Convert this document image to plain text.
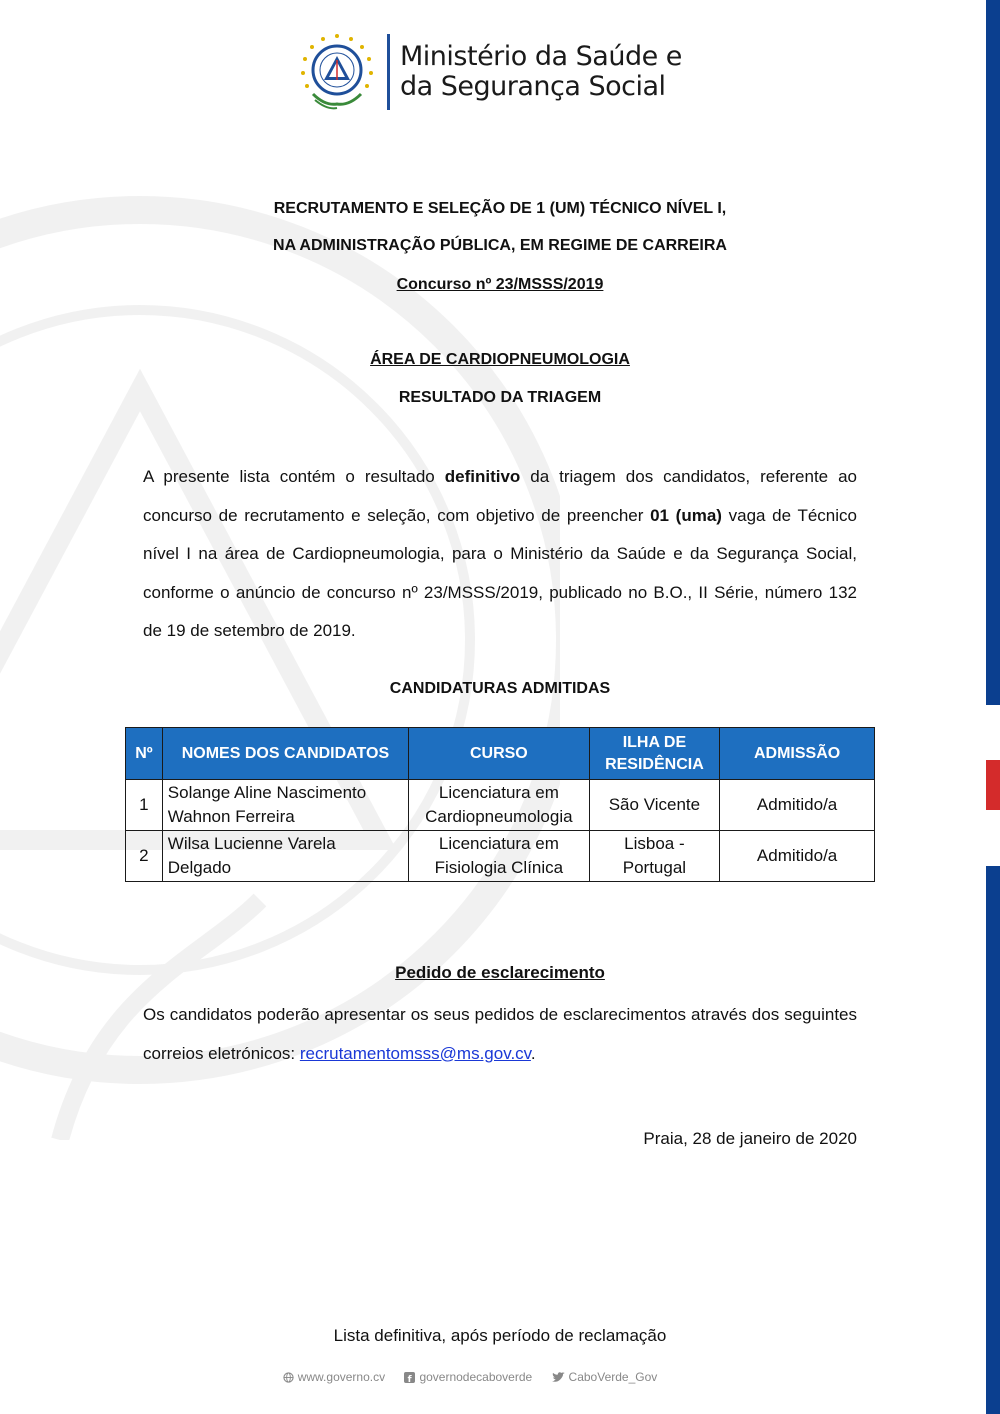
Ministério da Saúde e
da Segurança Social
RECRUTAMENTO E SELEÇÃO DE 1 (UM) TÉCNICO NÍVEL I,
NA ADMINISTRAÇÃO PÚBLICA, EM REGIME DE CARREIRA
Concurso nº 23/MSSS/2019
ÁREA DE CARDIOPNEUMOLOGIA
RESULTADO DA TRIAGEM
A presente lista contém o resultado definitivo da triagem dos candidatos, referente ao concurso de recrutamento e seleção, com objetivo de preencher 01 (uma) vaga de Técnico nível I na área de Cardiopneumologia, para o Ministério da Saúde e da Segurança Social, conforme o anúncio de concurso nº 23/MSSS/2019, publicado no B.O., II Série, número 132 de 19 de setembro de 2019.
CANDIDATURAS ADMITIDAS
Nº	NOMES DOS CANDIDATOS	CURSO	ILHA DE RESIDÊNCIA	ADMISSÃO
1	Solange Aline Nascimento Wahnon Ferreira	Licenciatura em Cardiopneumologia	São Vicente	Admitido/a
2	Wilsa Lucienne Varela Delgado	Licenciatura em Fisiologia Clínica	Lisboa - Portugal	Admitido/a
Pedido de esclarecimento
Os candidatos poderão apresentar os seus pedidos de esclarecimentos através dos seguintes correios eletrónicos: recrutamentomsss@ms.gov.cv.
Praia, 28 de janeiro de 2020
Lista definitiva, após período de reclamação
www.governo.cv f governodecaboverde	CaboVerde_Gov
